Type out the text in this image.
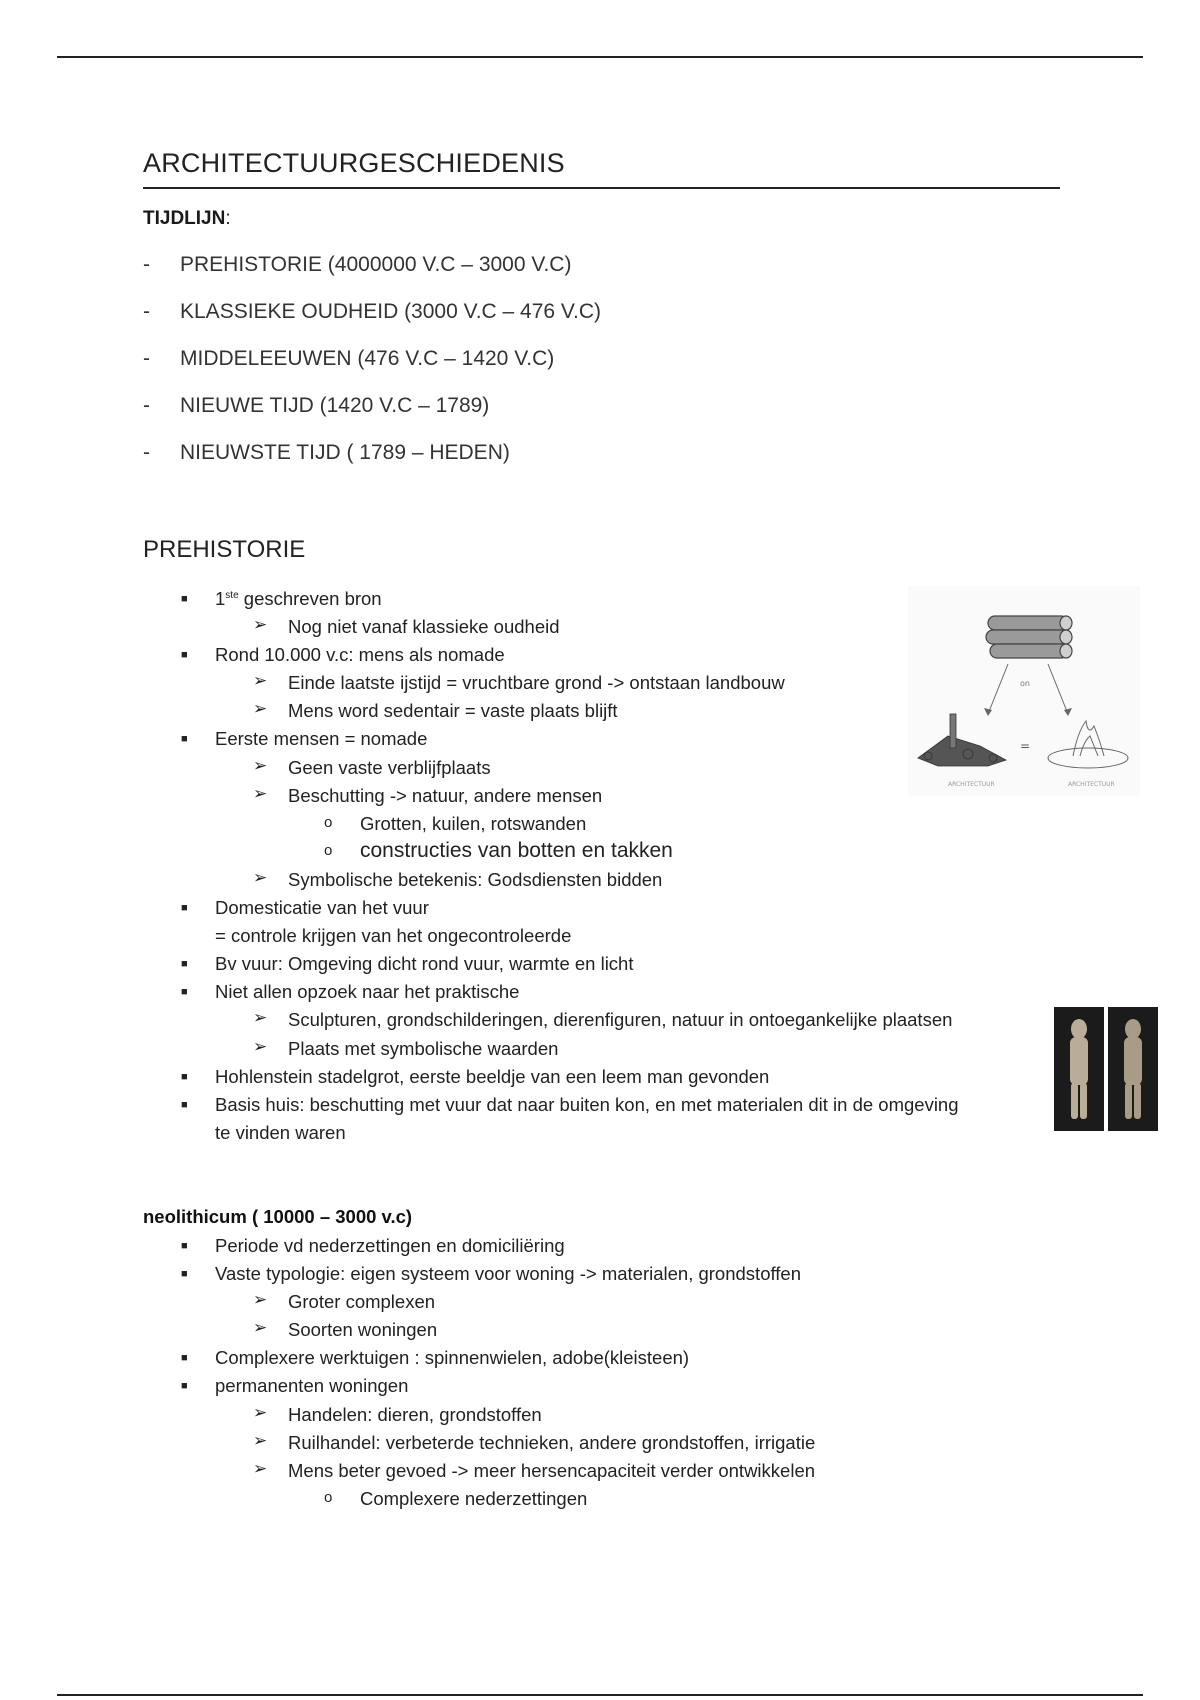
ARCHITECTUURGESCHIEDENIS
TIJDLIJN:
-	PREHISTORIE (4000000 V.C – 3000 V.C)
-	KLASSIEKE OUDHEID (3000 V.C – 476 V.C)
-	MIDDELEEUWEN (476 V.C – 1420 V.C)
-	NIEUWE TIJD (1420 V.C – 1789)
-	NIEUWSTE TIJD ( 1789 – HEDEN)
PREHISTORIE
■ 1ste geschreven bron
➢ Nog niet vanaf klassieke oudheid
■ Rond 10.000 v.c: mens als nomade
➢ Einde laatste ijstijd = vruchtbare grond -> ontstaan landbouw
➢ Mens word sedentair = vaste plaats blijft
■ Eerste mensen = nomade
➢ Geen vaste verblijfplaats
➢ Beschutting -> natuur, andere mensen
o Grotten, kuilen, rotswanden
o constructies van botten en takken
➢ Symbolische betekenis: Godsdiensten bidden
■ Domesticatie van het vuur
= controle krijgen van het ongecontroleerde
■ Bv vuur: Omgeving dicht rond vuur, warmte en licht
■ Niet allen opzoek naar het praktische
➢ Sculpturen, grondschilderingen, dierenfiguren, natuur in ontoegankelijke plaatsen
➢ Plaats met symbolische waarden
■ Hohlenstein stadelgrot, eerste beeldje van een leem man gevonden
■ Basis huis: beschutting met vuur dat naar buiten kon, en met materialen dit in de omgeving
te vinden waren
neolithicum ( 10000 – 3000 v.c)
■ Periode vd nederzettingen en domiciliëring
■ Vaste typologie: eigen systeem voor woning -> materialen, grondstoffen
➢ Groter complexen
➢ Soorten woningen
■ Complexere werktuigen : spinnenwielen, adobe(kleisteen)
■ permanenten woningen
➢ Handelen: dieren, grondstoffen
➢ Ruilhandel: verbeterde technieken, andere grondstoffen, irrigatie
➢ Mens beter gevoed -> meer hersencapaciteit verder ontwikkelen
o Complexere nederzettingen
on
=
ARCHITECTUUR	ARCHITECTUUR
